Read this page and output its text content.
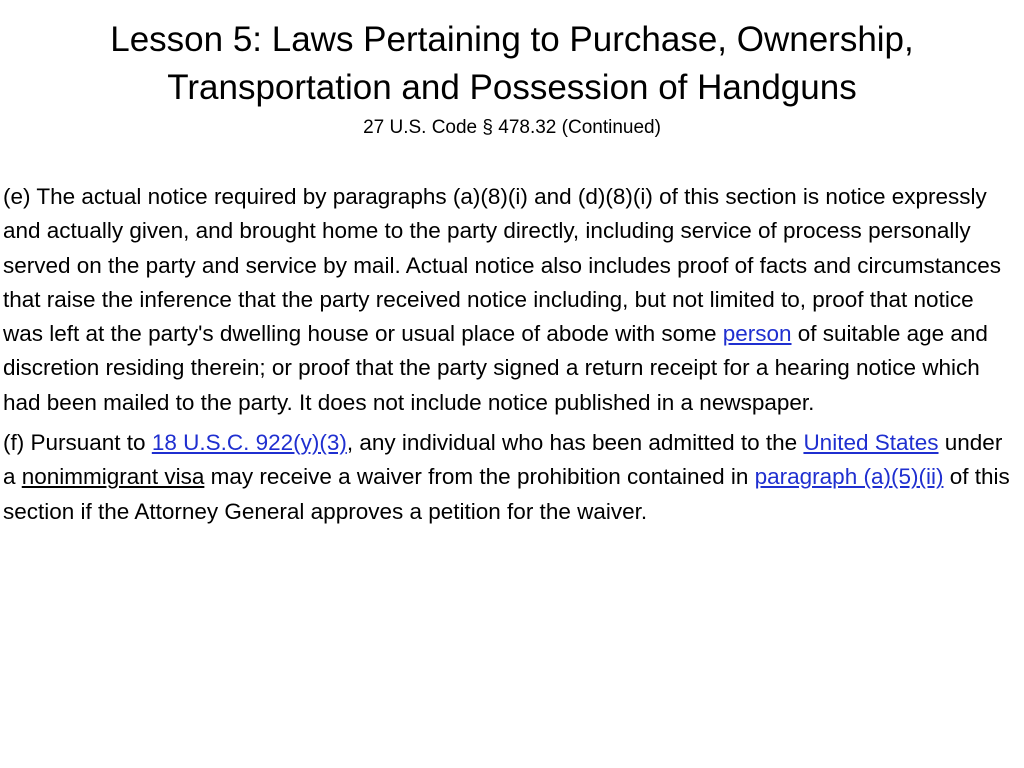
Lesson 5: Laws Pertaining to Purchase, Ownership,
Transportation and Possession of Handguns
27 U.S. Code § 478.32 (Continued)

(e) The actual notice required by paragraphs (a)(8)(i) and (d)(8)(i) of this section is notice expressly and actually given, and brought home to the party directly, including service of process personally served on the party and service by mail. Actual notice also includes proof of facts and circumstances that raise the inference that the party received notice including, but not limited to, proof that notice was left at the party's dwelling house or usual place of abode with some person of suitable age and discretion residing therein; or proof that the party signed a return receipt for a hearing notice which had been mailed to the party. It does not include notice published in a newspaper.

(f) Pursuant to 18 U.S.C. 922(y)(3), any individual who has been admitted to the United States under a nonimmigrant visa may receive a waiver from the prohibition contained in paragraph (a)(5)(ii) of this section if the Attorney General approves a petition for the waiver.
